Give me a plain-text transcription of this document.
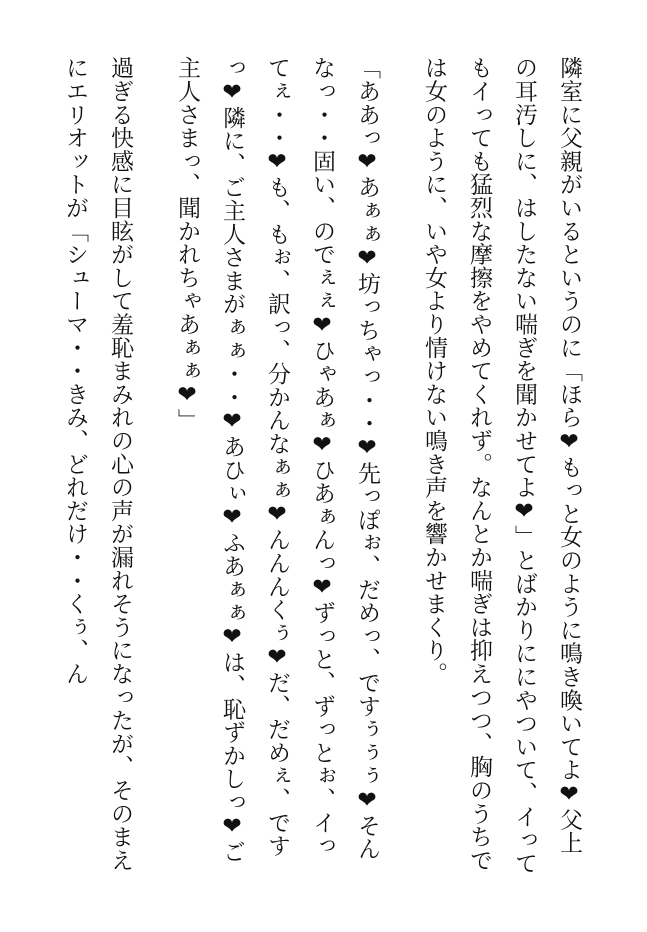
隣室に父親がいるというのに「ほら❤もっと女のように鳴き喚いてよ❤父上の耳汚しに、はしたない喘ぎを聞かせてよ❤」とばかりににやついて、イってもイっても猛烈な摩擦をやめてくれず。なんとか喘ぎは抑えつつ、胸のうちでは女のように、いや女より情けない鳴き声を響かせまくり。

「ああっ❤あぁぁ❤坊っちゃっ・・❤先っぽぉ、だめっ、ですぅぅぅ❤そんなっ・・固い、のでぇぇ❤ひゃあぁ❤ひあぁんっ❤ずっと、ずっとぉ、イってぇ・・❤も、もぉ、訳っ、分かんなぁぁ❤んんんくぅ❤だ、だめぇ、ですっ❤隣に、ご主人さまがぁぁ・・❤あひぃ❤ふあぁぁ❤は、恥ずかしっ❤ご主人さまっ、聞かれちゃあぁぁ❤」

過ぎる快感に目眩がして羞恥まみれの心の声が漏れそうになったが、そのまえにエリオットが「シューマ・・きみ、どれだけ・・くぅ、ん
